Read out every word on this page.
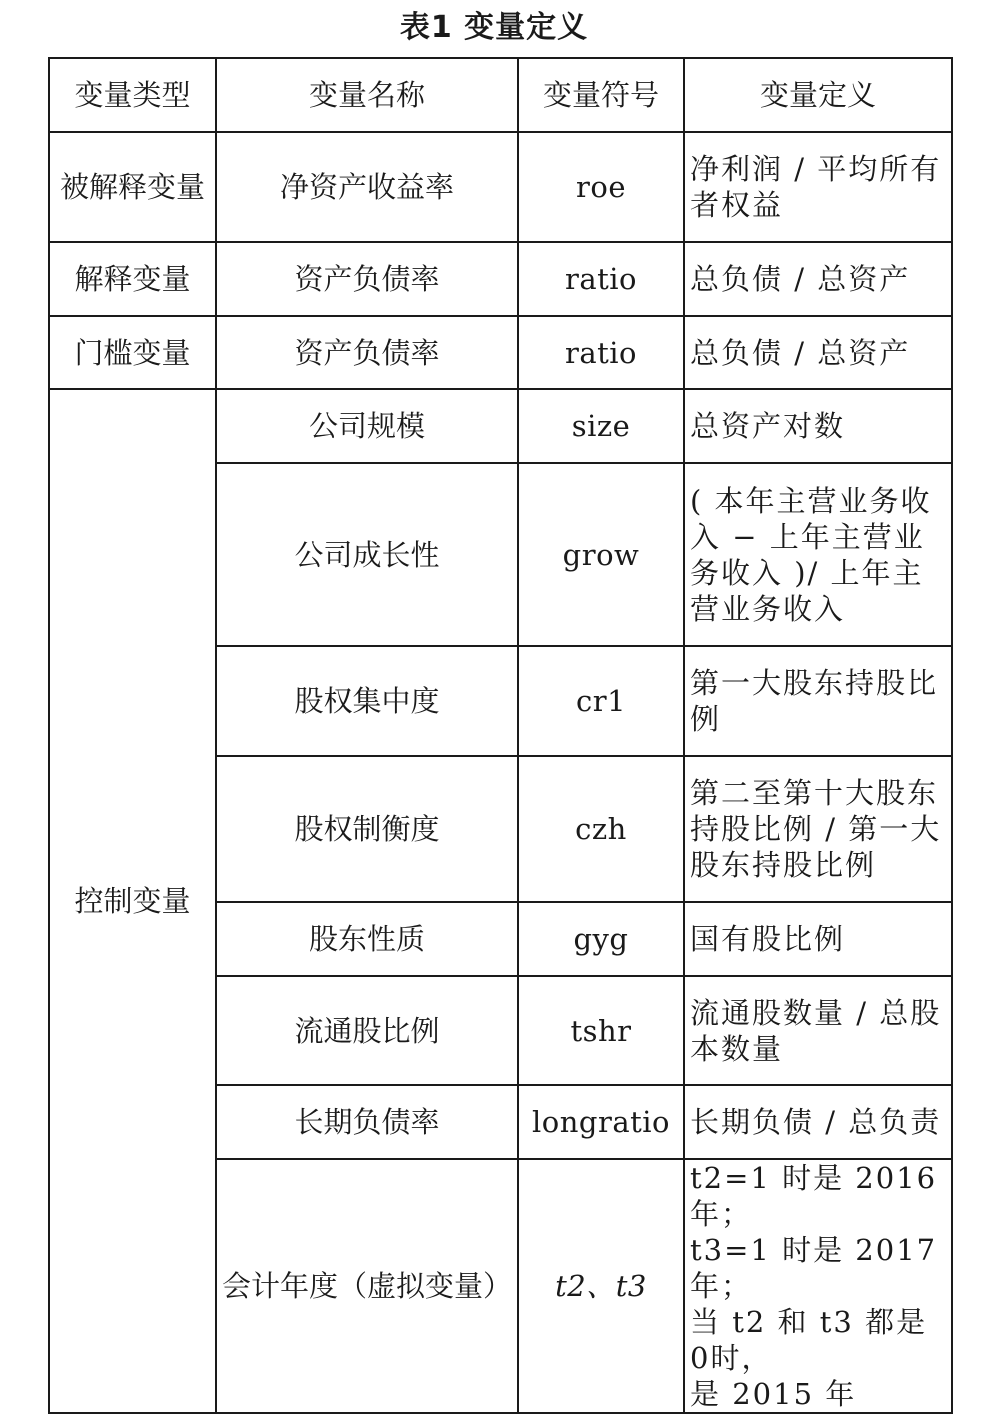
表1 变量定义
变量类型	变量名称	变量符号	变量定义
被解释变量	净资产收益率	roe	净利润 / 平均所有者权益
解释变量	资产负债率	ratio	总负债 / 总资产
门槛变量	资产负债率	ratio	总负债 / 总资产
控制变量	公司规模	size	总资产对数
	公司成长性	grow	( 本年主营业务收入 − 上年主营业务收入 )/ 上年主营业务收入
	股权集中度	cr1	第一大股东持股比例
	股权制衡度	czh	第二至第十大股东持股比例 / 第一大股东持股比例
	股东性质	gyg	国有股比例
	流通股比例	tshr	流通股数量 / 总股本数量
	长期负债率	longratio	长期负债 / 总负责
	会计年度（虚拟变量）	t2、t3	t2=1 时是 2016 年；
t3=1 时是 2017 年；
当 t2 和 t3 都是 0时，
是 2015 年
